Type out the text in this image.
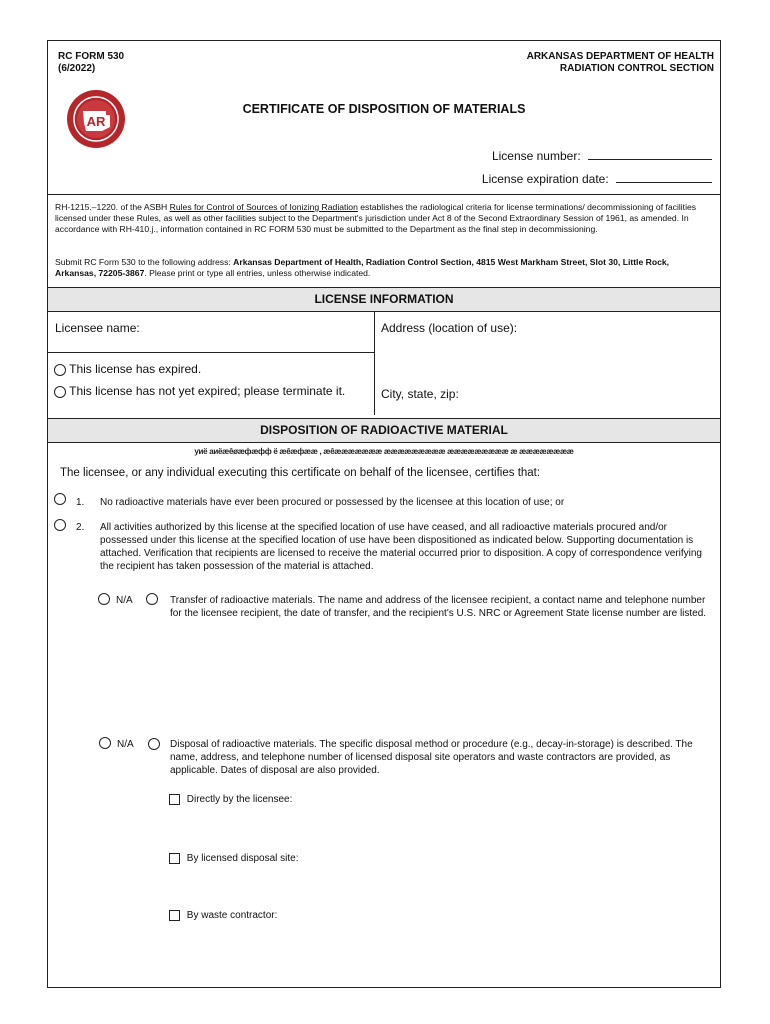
RC FORM 530
(6/2022)
ARKANSAS DEPARTMENT OF HEALTH
RADIATION CONTROL SECTION
AR
CERTIFICATE OF DISPOSITION OF MATERIALS
License number:
License expiration date:
RH-1215.–1220. of the ASBH Rules for Control of Sources of Ionizing Radiation establishes the radiological criteria for license terminations/ decommissioning of facilities licensed under these Rules, as well as other facilities subject to the Department's jurisdiction under Act 8 of the Second Extraordinary Session of 1961, as amended. In accordance with RH-410.j., information contained in RC FORM 530 must be submitted to the Department as the final step in decommissioning.
Submit RC Form 530 to the following address: Arkansas Department of Health, Radiation Control Section, 4815 West Markham Street, Slot 30, Little Rock, Arkansas, 72205-3867. Please print or type all entries, unless otherwise indicated.
LICENSE INFORMATION
Licensee name:	Address (location of use):
This license has expired.
This license has not yet expired; please terminate it.	City, state, zip:
DISPOSITION OF RADIOACTIVE MATERIAL
уиё аиёæêøæфæфф ë æêæфææ , æêæææææææ æææææææææ æææææææææ æ ææææææææ
The licensee, or any individual executing this certificate on behalf of the licensee, certifies that:
1. No radioactive materials have ever been procured or possessed by the licensee at this location of use; or
2. All activities authorized by this license at the specified location of use have ceased, and all radioactive materials procured and/or possessed under this license at the specified location of use have been dispositioned as indicated below. Supporting documentation is attached. Verification that recipients are licensed to receive the material occurred prior to disposition. A copy of correspondence verifying the recipient has taken possession of the material is attached.
N/A	Transfer of radioactive materials. The name and address of the licensee recipient, a contact name and telephone number for the licensee recipient, the date of transfer, and the recipient's U.S. NRC or Agreement State license number are listed.
N/A	Disposal of radioactive materials. The specific disposal method or procedure (e.g., decay-in-storage) is described. The name, address, and telephone number of licensed disposal site operators and waste contractors are provided, as applicable. Dates of disposal are also provided.
Directly by the licensee:
By licensed disposal site:
By waste contractor:
